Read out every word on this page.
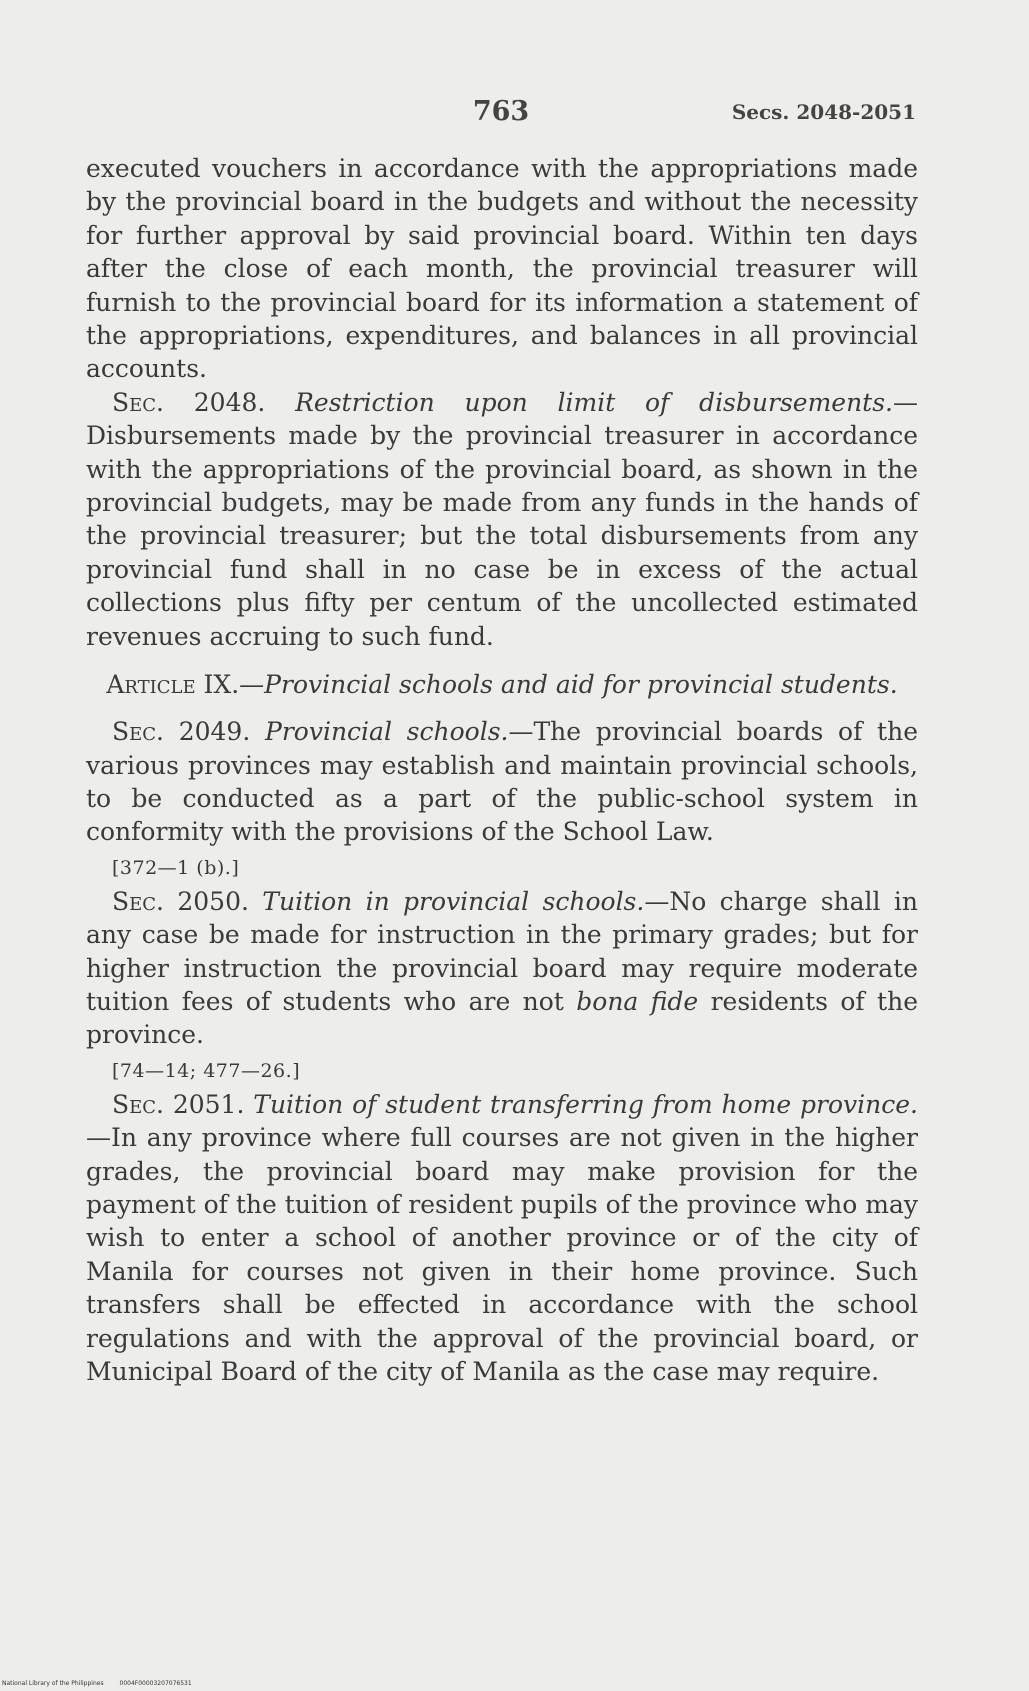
763	Secs. 2048-2051

executed vouchers in accordance with the appropriations made by the provincial board in the budgets and without the necessity for further approval by said provincial board. Within ten days after the close of each month, the provincial treasurer will furnish to the provincial board for its information a statement of the appropriations, expenditures, and balances in all provincial accounts.

Sec. 2048. Restriction upon limit of disbursements.—Disbursements made by the provincial treasurer in accordance with the appropriations of the provincial board, as shown in the provincial budgets, may be made from any funds in the hands of the provincial treasurer; but the total disbursements from any provincial fund shall in no case be in excess of the actual collections plus fifty per centum of the uncollected estimated revenues accruing to such fund.

Article IX.—Provincial schools and aid for provincial students.

Sec. 2049. Provincial schools.—The provincial boards of the various provinces may establish and maintain provincial schools, to be conducted as a part of the public-school system in conformity with the provisions of the School Law.

[372—1 (b).]

Sec. 2050. Tuition in provincial schools.—No charge shall in any case be made for instruction in the primary grades; but for higher instruction the provincial board may require moderate tuition fees of students who are not bona fide residents of the province.

[74—14; 477—26.]

Sec. 2051. Tuition of student transferring from home province.—In any province where full courses are not given in the higher grades, the provincial board may make provision for the payment of the tuition of resident pupils of the province who may wish to enter a school of another province or of the city of Manila for courses not given in their home province. Such transfers shall be effected in accordance with the school regulations and with the approval of the provincial board, or Municipal Board of the city of Manila as the case may require.

National Library of the Philippines	0004F00003207076531
